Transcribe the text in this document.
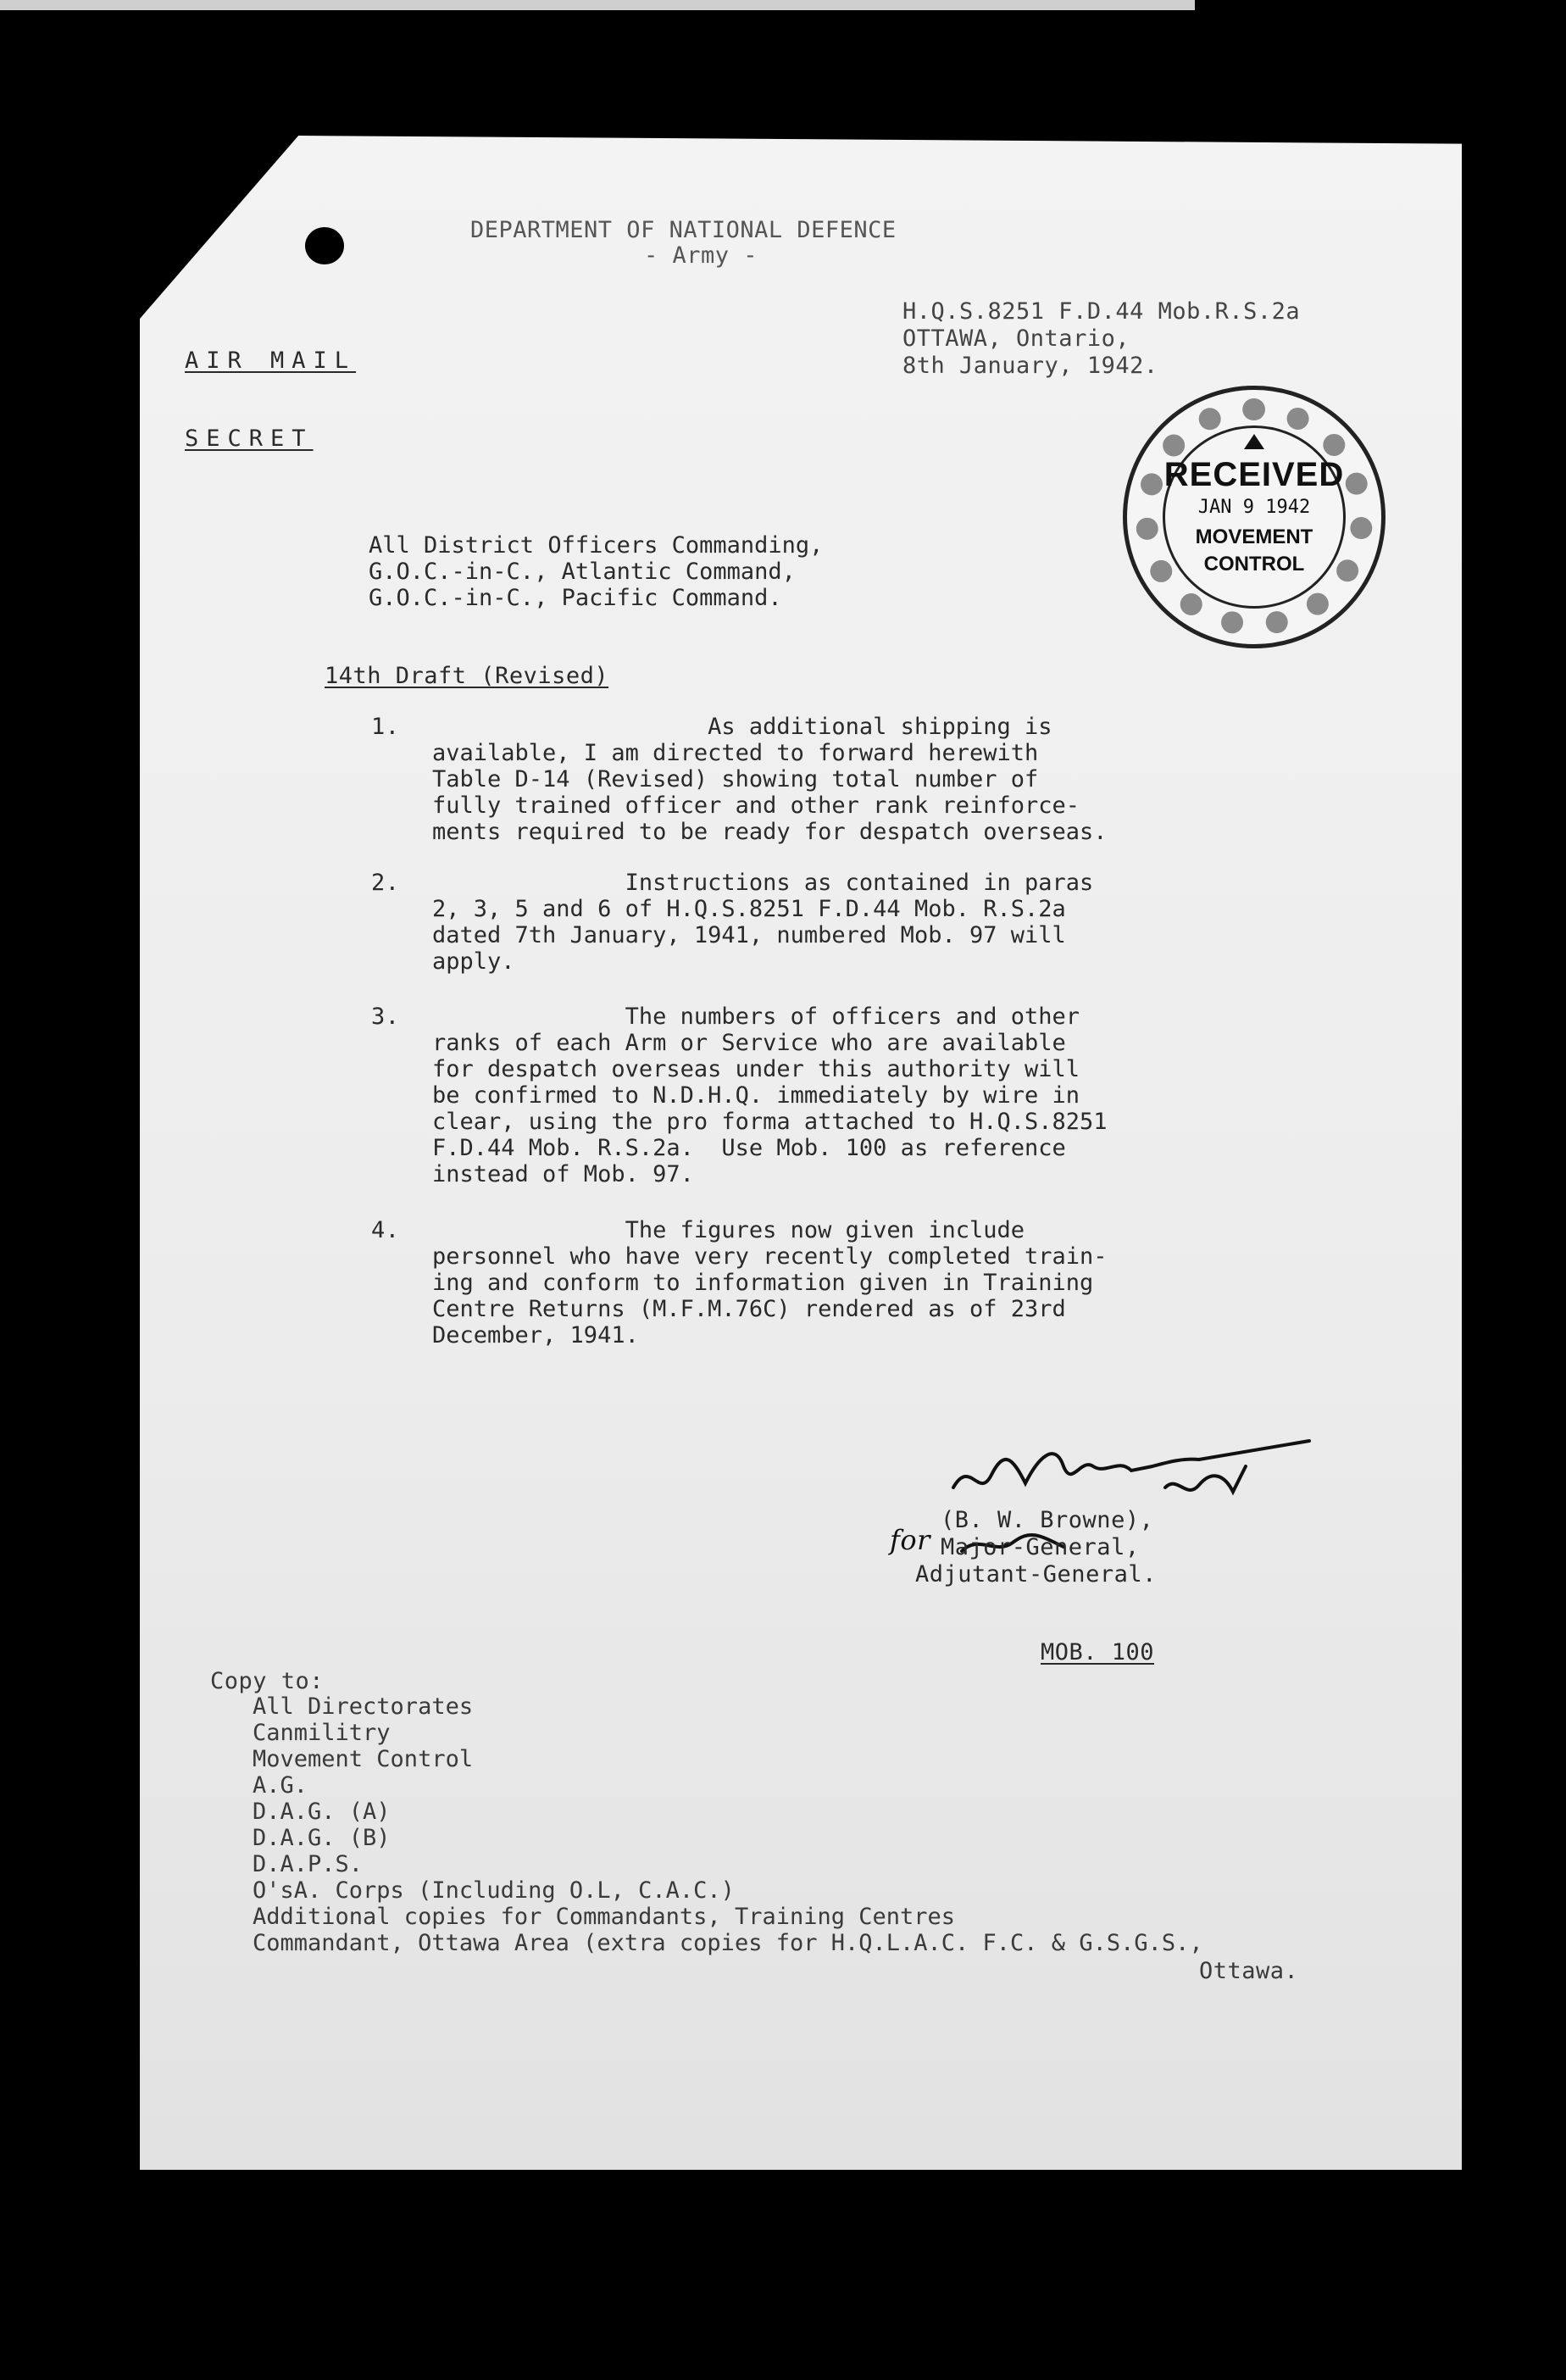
DEPARTMENT OF NATIONAL DEFENCE
- Army -
H.Q.S.8251 F.D.44 Mob.R.S.2a
OTTAWA, Ontario,
8th January, 1942.
AIR MAIL
SECRET
RECEIVED
JAN 9 1942
MOVEMENT
CONTROL
All District Officers Commanding,
G.O.C.-in-C., Atlantic Command,
G.O.C.-in-C., Pacific Command.
14th Draft (Revised)
1. As additional shipping is
available, I am directed to forward herewith
Table D-14 (Revised) showing total number of
fully trained officer and other rank reinforce-
ments required to be ready for despatch overseas.
2. Instructions as contained in paras
2, 3, 5 and 6 of H.Q.S.8251 F.D.44 Mob. R.S.2a
dated 7th January, 1941, numbered Mob. 97 will
apply.
3. The numbers of officers and other
ranks of each Arm or Service who are available
for despatch overseas under this authority will
be confirmed to N.D.H.Q. immediately by wire in
clear, using the pro forma attached to H.Q.S.8251
F.D.44 Mob. R.S.2a.  Use Mob. 100 as reference
instead of Mob. 97.
4. The figures now given include
personnel who have very recently completed train-
ing and conform to information given in Training
Centre Returns (M.F.M.76C) rendered as of 23rd
December, 1941.
for
(B. W. Browne),
Major-General,
Adjutant-General.
MOB. 100
Copy to:
All Directorates
Canmilitry
Movement Control
A.G.
D.A.G. (A)
D.A.G. (B)
D.A.P.S.
O'sA. Corps (Including O.L, C.A.C.)
Additional copies for Commandants, Training Centres
Commandant, Ottawa Area (extra copies for H.Q.L.A.C. F.C. & G.S.G.S.,
Ottawa.
